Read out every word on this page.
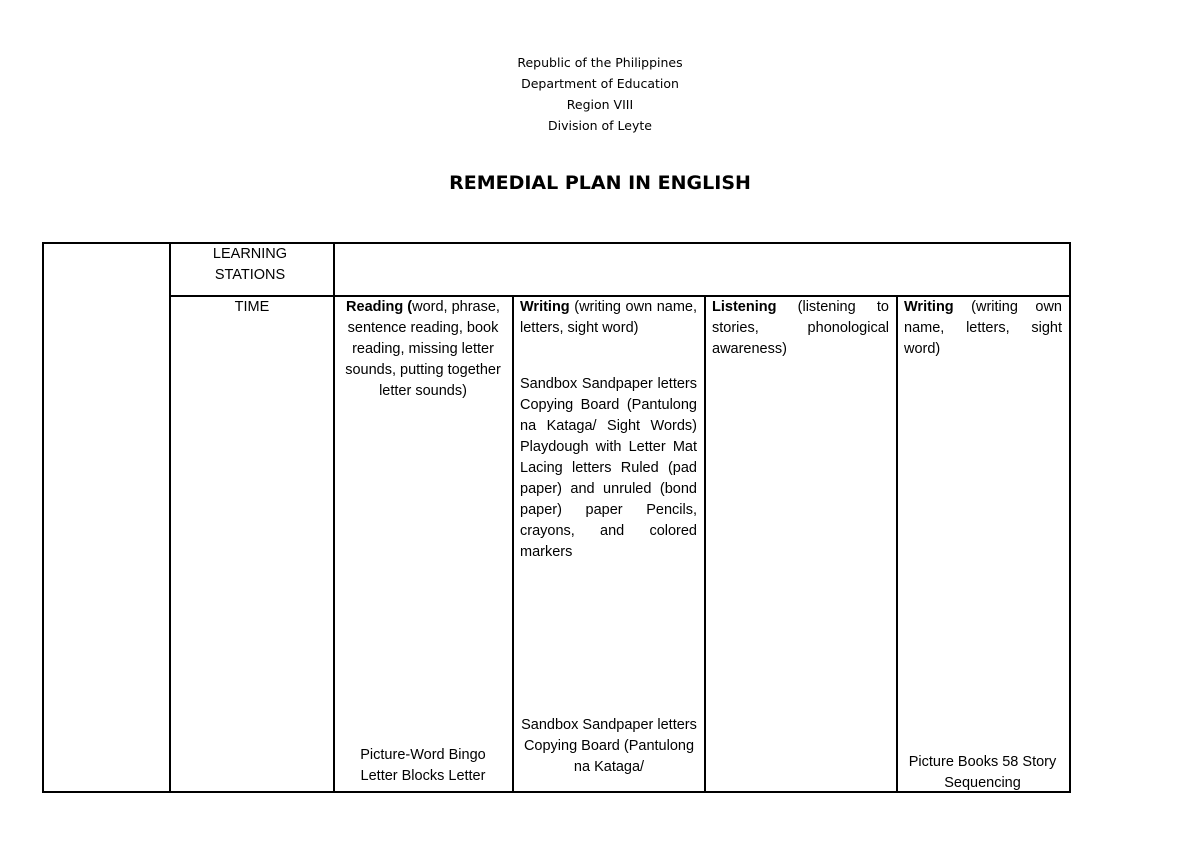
Republic of the Philippines
Department of Education
Region VIII
Division of Leyte
REMEDIAL PLAN IN ENGLISH
LEARNING STATIONS
TIME	Reading (word, phrase, sentence reading, book reading, missing letter sounds, putting together letter sounds)
Picture-Word Bingo Letter Blocks Letter
Writing (writing own name, letters, sight word)
Sandbox Sandpaper letters Copying Board (Pantulong na Kataga/ Sight Words) Playdough with Letter Mat Lacing letters Ruled (pad paper) and unruled (bond paper) paper Pencils, crayons, and colored markers
Sandbox Sandpaper letters Copying Board (Pantulong na Kataga/
Listening (listening to stories, phonological awareness)
Writing (writing own name, letters, sight word)
Picture Books 58 Story Sequencing
